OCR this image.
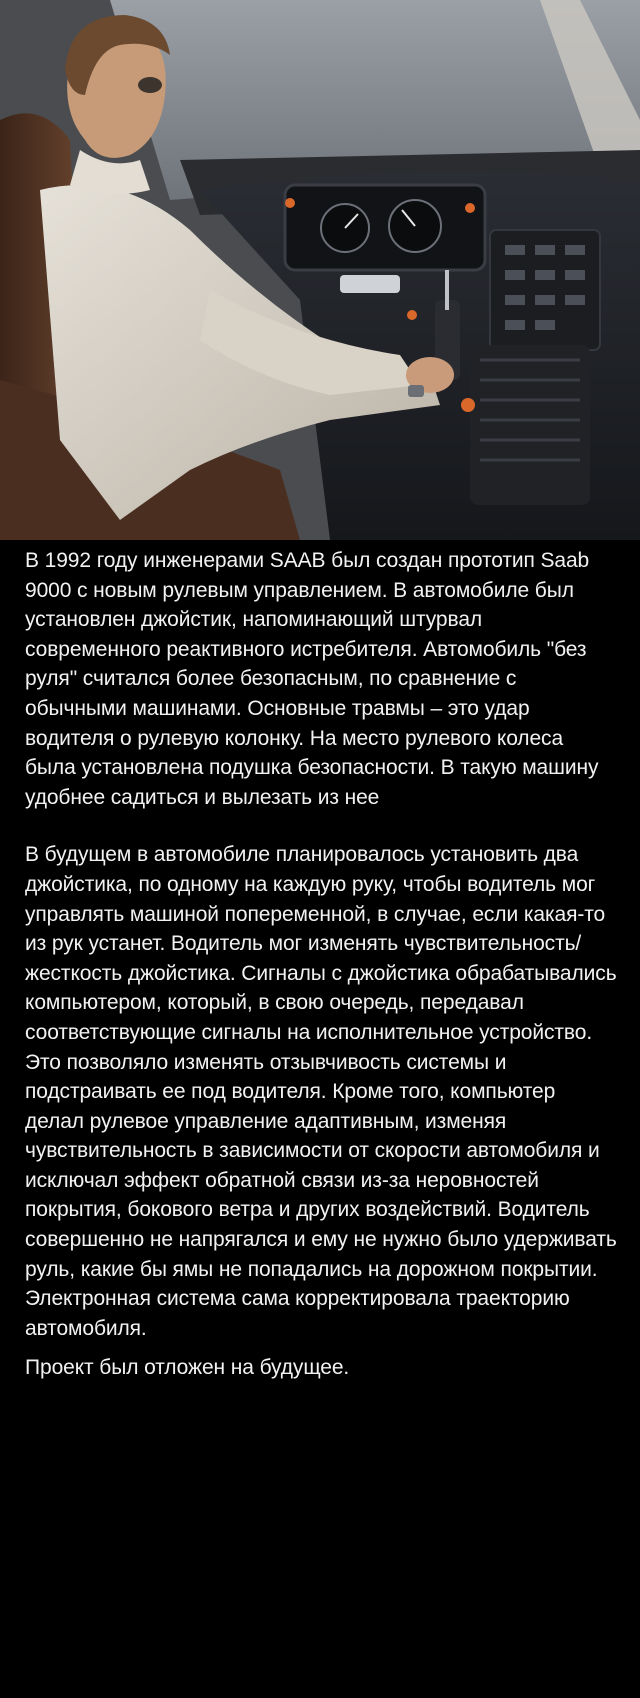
В 1992 году инженерами SAAB был создан прототип Saab 9000 с новым рулевым управлением. В автомобиле был установлен джойстик, напоминающий штурвал современного реактивного истребителя. Автомобиль "без руля" считался более безопасным, по сравнение с обычными машинами. Основные травмы – это удар водителя о рулевую колонку. На место рулевого колеса была установлена подушка безопасности. В такую машину удобнее садиться и вылезать из нее

В будущем в автомобиле планировалось установить два джойстика, по одному на каждую руку, чтобы водитель мог управлять машиной попеременной, в случае, если какая-то из рук устанет. Водитель мог изменять чувствительность/жесткость джойстика. Сигналы с джойстика обрабатывались компьютером, который, в свою очередь, передавал соответствующие сигналы на исполнительное устройство. Это позволяло изменять отзывчивость системы и подстраивать ее под водителя. Кроме того, компьютер делал рулевое управление адаптивным, изменяя чувствительность в зависимости от скорости автомобиля и исключал эффект обратной связи из-за неровностей покрытия, бокового ветра и других воздействий. Водитель совершенно не напрягался и ему не нужно было удерживать руль, какие бы ямы не попадались на дорожном покрытии. Электронная система сама корректировала траекторию автомобиля.

Проект был отложен на будущее.
